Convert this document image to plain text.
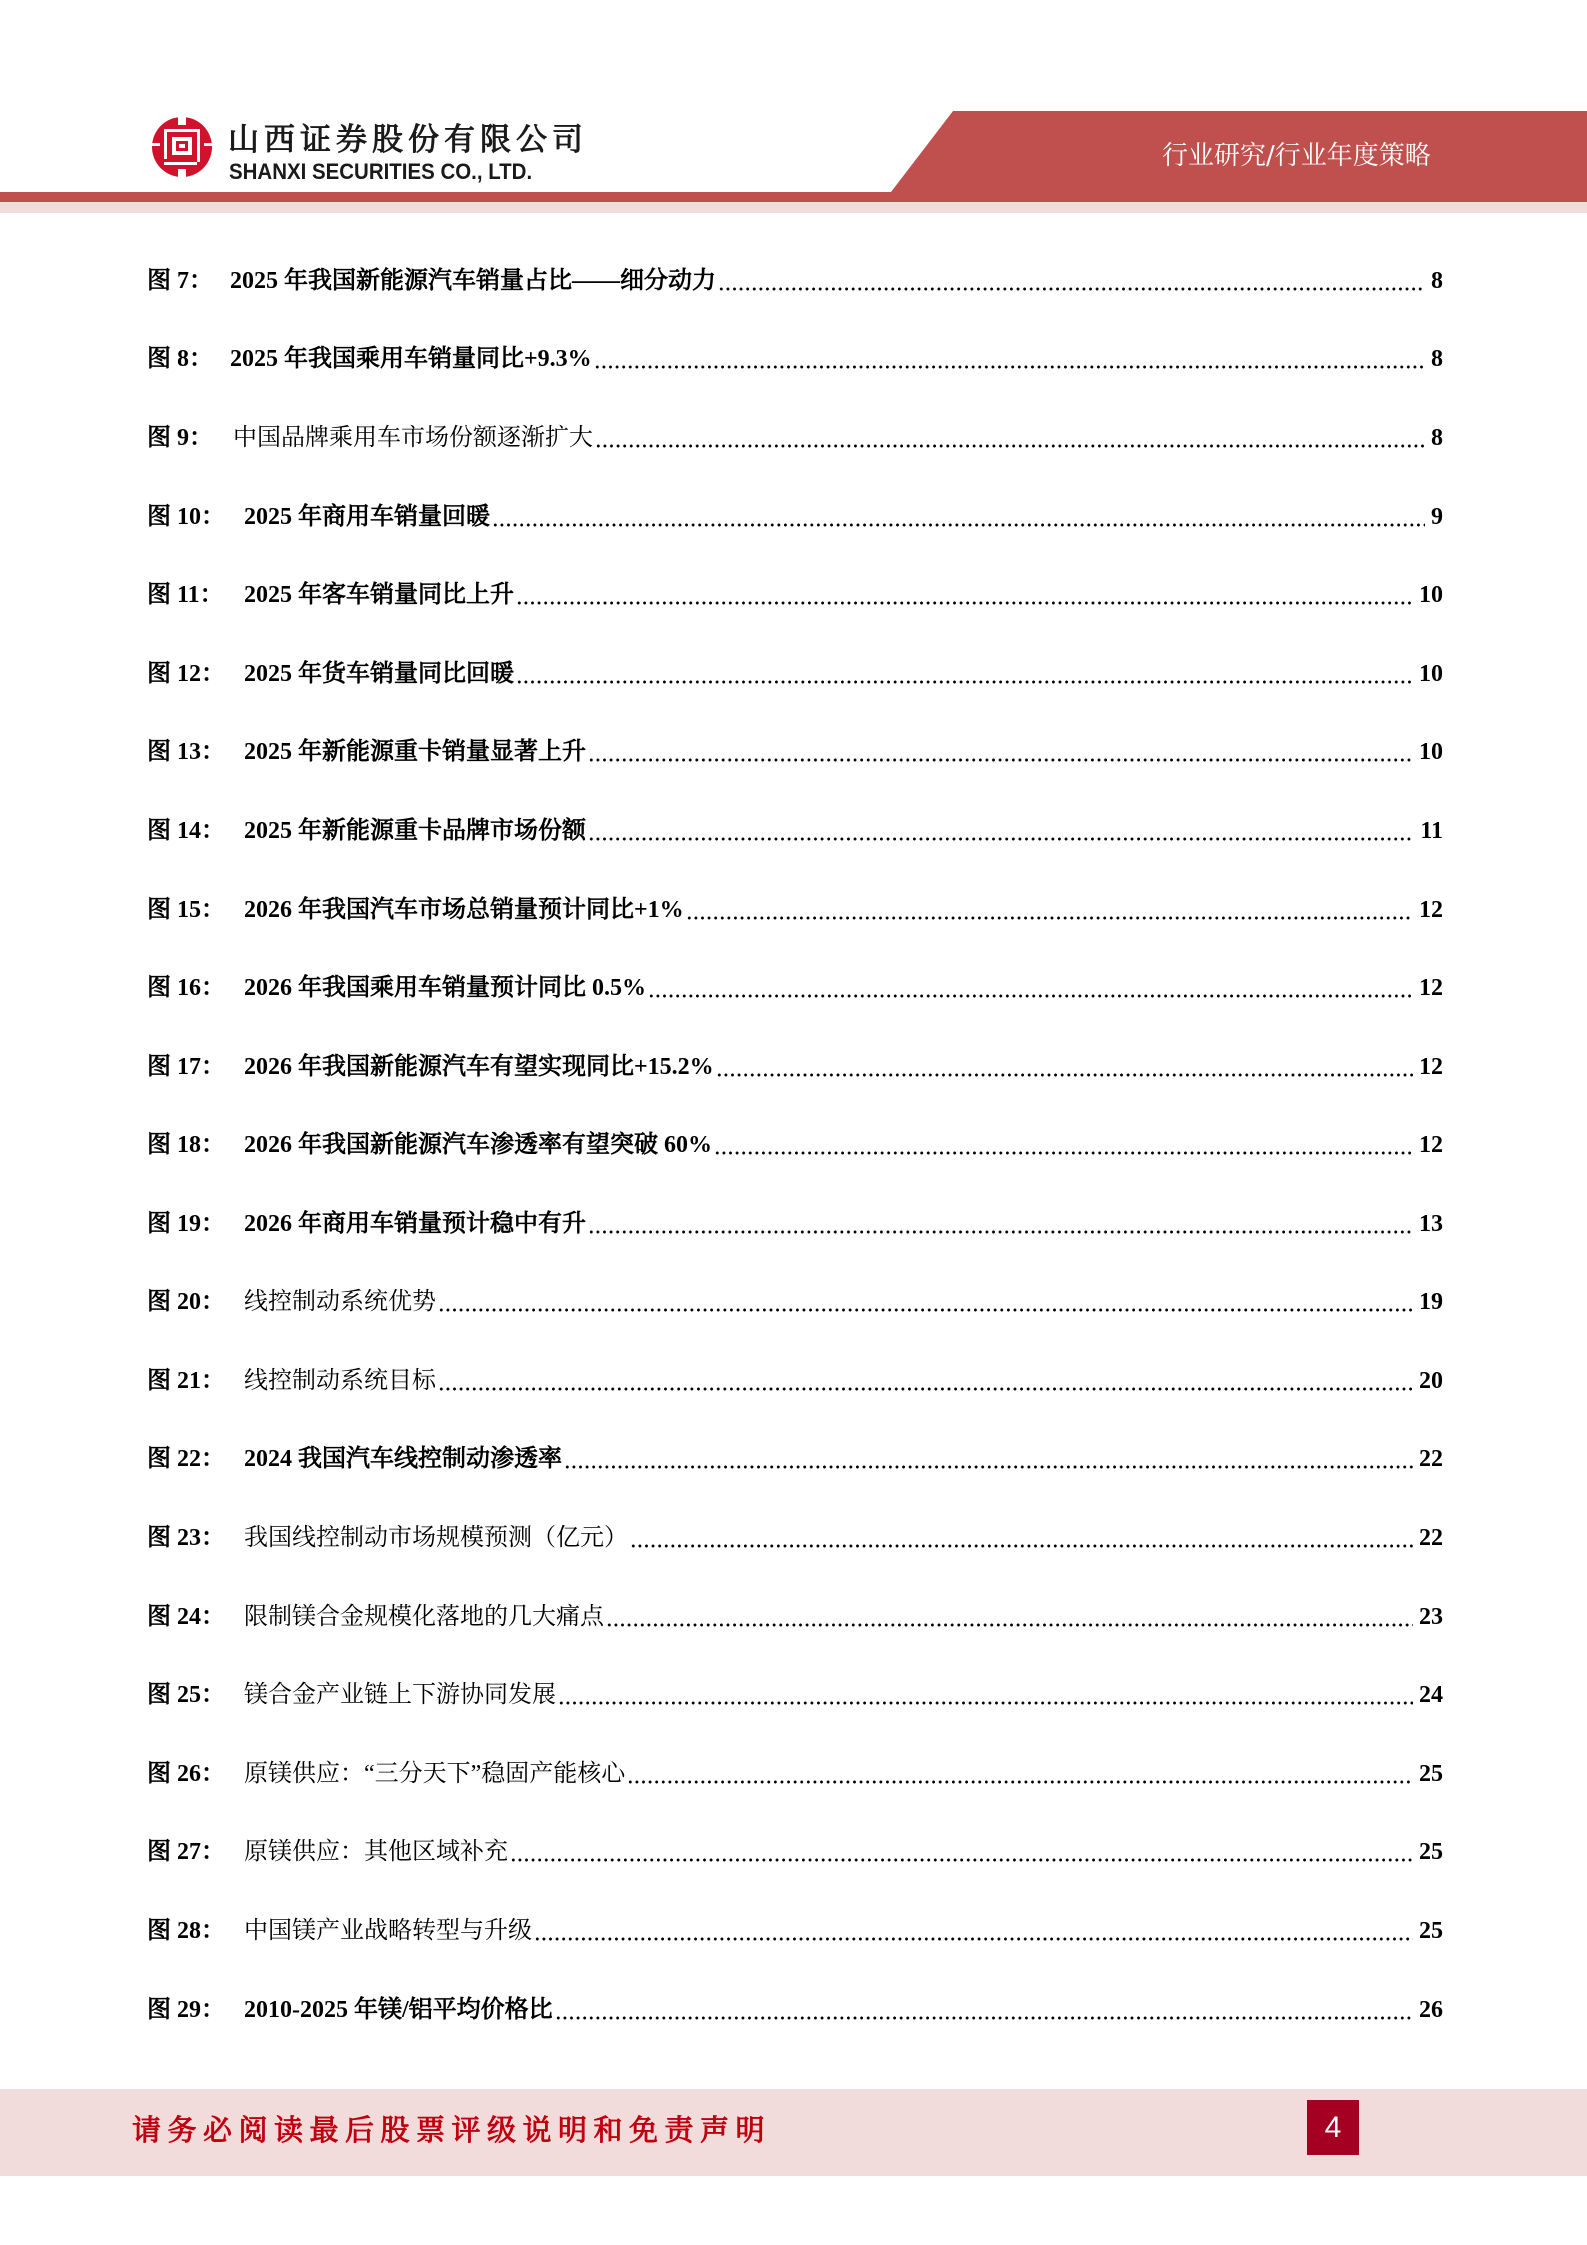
山西证券股份有限公司
SHANXI SECURITIES CO., LTD.
行业研究/行业年度策略
图 7： 2025 年我国新能源汽车销量占比——细分动力	8
图 8： 2025 年我国乘用车销量同比+9.3%	8
图 9： 中国品牌乘用车市场份额逐渐扩大	8
图 10： 2025 年商用车销量回暖	9
图 11： 2025 年客车销量同比上升	10
图 12： 2025 年货车销量同比回暖	10
图 13： 2025 年新能源重卡销量显著上升	10
图 14： 2025 年新能源重卡品牌市场份额	11
图 15： 2026 年我国汽车市场总销量预计同比+1%	12
图 16： 2026 年我国乘用车销量预计同比 0.5%	12
图 17： 2026 年我国新能源汽车有望实现同比+15.2%	12
图 18： 2026 年我国新能源汽车渗透率有望突破 60%	12
图 19： 2026 年商用车销量预计稳中有升	13
图 20： 线控制动系统优势	19
图 21： 线控制动系统目标	20
图 22： 2024 我国汽车线控制动渗透率	22
图 23： 我国线控制动市场规模预测（亿元）	22
图 24： 限制镁合金规模化落地的几大痛点	23
图 25： 镁合金产业链上下游协同发展	24
图 26： 原镁供应：“三分天下”稳固产能核心	25
图 27： 原镁供应：其他区域补充	25
图 28： 中国镁产业战略转型与升级	25
图 29： 2010-2025 年镁/铝平均价格比	26
请务必阅读最后股票评级说明和免责声明	4
